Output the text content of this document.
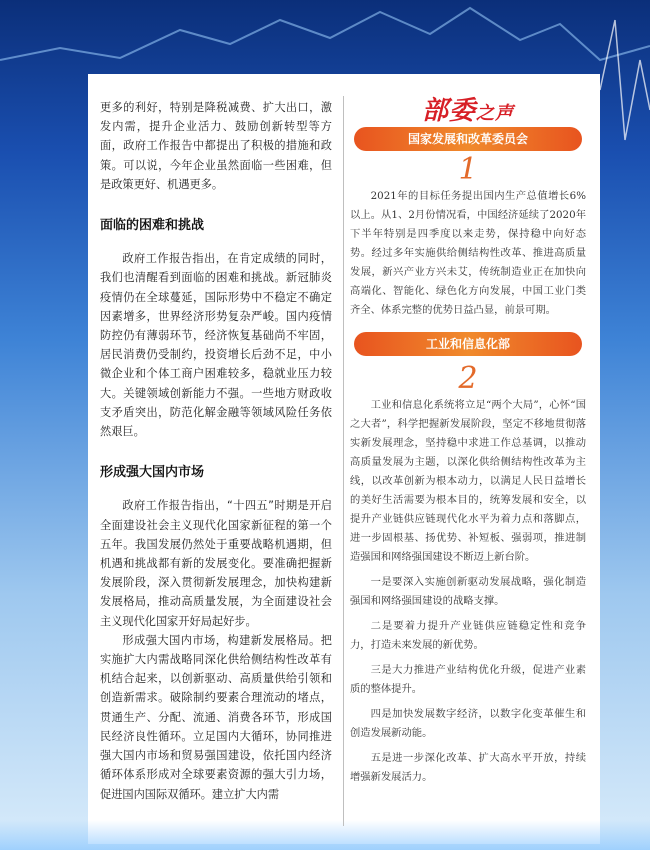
更多的利好，特别是降税减费、扩大出口，激发内需，提升企业活力、鼓励创新转型等方面，政府工作报告中都提出了积极的措施和政策。可以说，今年企业虽然面临一些困难，但是政策更好、机遇更多。

面临的困难和挑战

政府工作报告指出，在肯定成绩的同时，我们也清醒看到面临的困难和挑战。新冠肺炎疫情仍在全球蔓延，国际形势中不稳定不确定因素增多，世界经济形势复杂严峻。国内疫情防控仍有薄弱环节，经济恢复基础尚不牢固，居民消费仍受制约，投资增长后劲不足，中小微企业和个体工商户困难较多，稳就业压力较大。关键领域创新能力不强。一些地方财政收支矛盾突出，防范化解金融等领域风险任务依然艰巨。

形成强大国内市场

政府工作报告指出，“十四五”时期是开启全面建设社会主义现代化国家新征程的第一个五年。我国发展仍然处于重要战略机遇期，但机遇和挑战都有新的发展变化。要准确把握新发展阶段，深入贯彻新发展理念，加快构建新发展格局，推动高质量发展，为全面建设社会主义现代化国家开好局起好步。

形成强大国内市场，构建新发展格局。把实施扩大内需战略同深化供给侧结构性改革有机结合起来，以创新驱动、高质量供给引领和创造新需求。破除制约要素合理流动的堵点，贯通生产、分配、流通、消费各环节，形成国民经济良性循环。立足国内大循环，协同推进强大国内市场和贸易强国建设，依托国内经济循环体系形成对全球要素资源的强大引力场，促进国内国际双循环。建立扩大内需

部委之声
国家发展和改革委员会
1

2021年的目标任务提出国内生产总值增长6%以上。从1、2月份情况看，中国经济延续了2020年下半年特别是四季度以来走势，保持稳中向好态势。经过多年实施供给侧结构性改革、推进高质量发展，新兴产业方兴未艾，传统制造业正在加快向高端化、智能化、绿色化方向发展，中国工业门类齐全、体系完整的优势日益凸显，前景可期。

工业和信息化部
2

工业和信息化系统将立足“两个大局”，心怀“国之大者”，科学把握新发展阶段，坚定不移地贯彻落实新发展理念，坚持稳中求进工作总基调，以推动高质量发展为主题，以深化供给侧结构性改革为主线，以改革创新为根本动力，以满足人民日益增长的美好生活需要为根本目的，统筹发展和安全，以提升产业链供应链现代化水平为着力点和落脚点，进一步固根基、扬优势、补短板、强弱项，推进制造强国和网络强国建设不断迈上新台阶。

一是要深入实施创新驱动发展战略，强化制造强国和网络强国建设的战略支撑。

二是要着力提升产业链供应链稳定性和竞争力，打造未来发展的新优势。

三是大力推进产业结构优化升级，促进产业素质的整体提升。

四是加快发展数字经济，以数字化变革催生和创造发展新动能。

五是进一步深化改革、扩大高水平开放，持续增强新发展活力。
